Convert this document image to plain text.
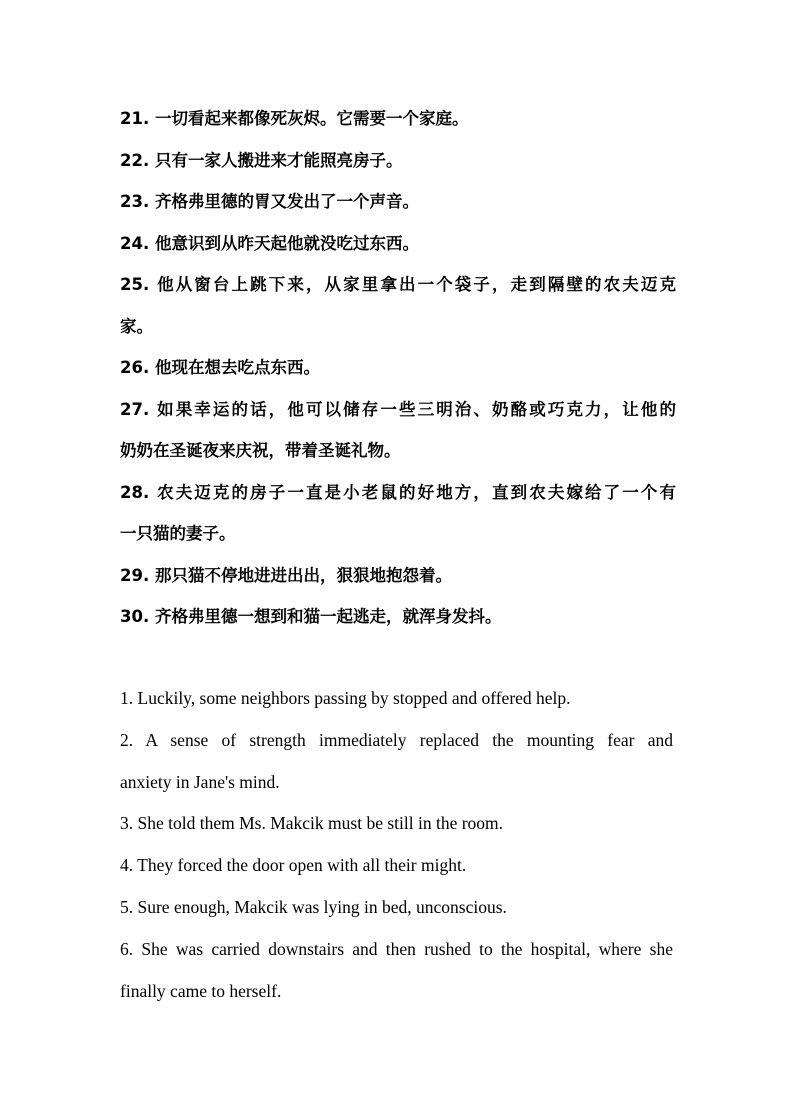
21. 一切看起来都像死灰烬。它需要一个家庭。
22. 只有一家人搬进来才能照亮房子。
23. 齐格弗里德的胃又发出了一个声音。
24. 他意识到从昨天起他就没吃过东西。
25. 他从窗台上跳下来，从家里拿出一个袋子，走到隔壁的农夫迈克
家。
26. 他现在想去吃点东西。
27. 如果幸运的话，他可以储存一些三明治、奶酪或巧克力，让他的
奶奶在圣诞夜来庆祝，带着圣诞礼物。
28. 农夫迈克的房子一直是小老鼠的好地方，直到农夫嫁给了一个有
一只猫的妻子。
29. 那只猫不停地进进出出，狠狠地抱怨着。
30. 齐格弗里德一想到和猫一起逃走，就浑身发抖。
1. Luckily, some neighbors passing by stopped and offered help.
2. A sense of strength immediately replaced the mounting fear and
anxiety in Jane's mind.
3. She told them Ms. Makcik must be still in the room.
4. They forced the door open with all their might.
5. Sure enough, Makcik was lying in bed, unconscious.
6. She was carried downstairs and then rushed to the hospital, where she
finally came to herself.
